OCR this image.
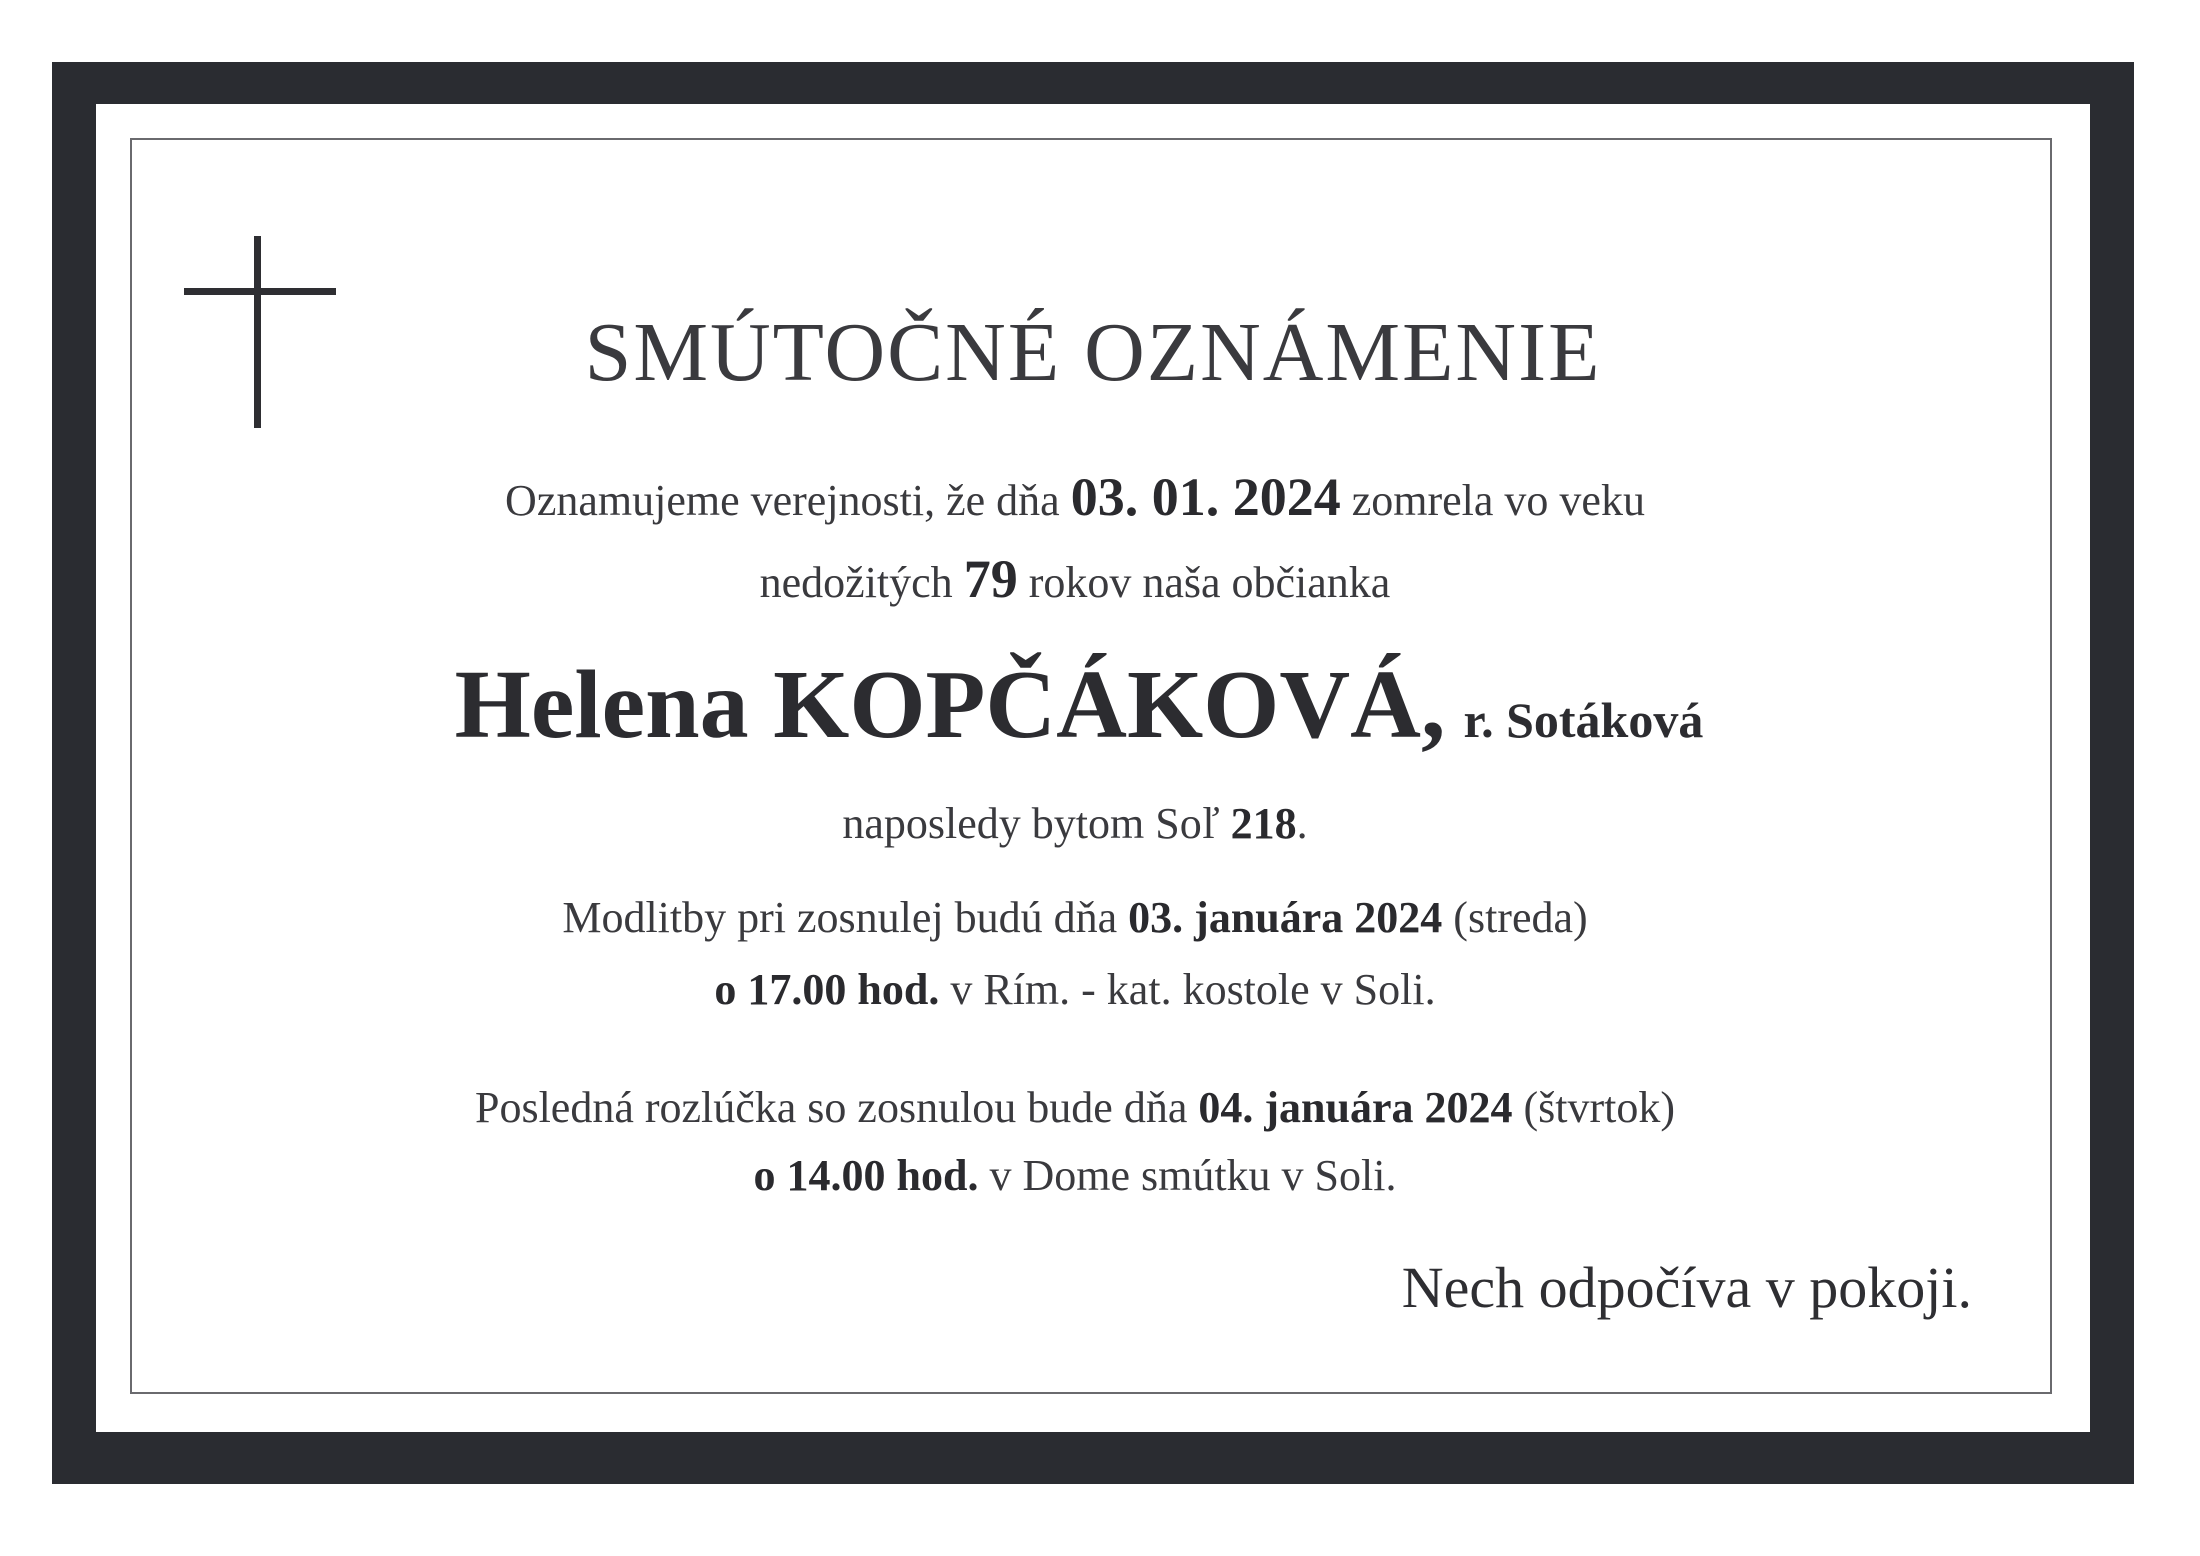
SMÚTOČNÉ OZNÁMENIE
Oznamujeme verejnosti, že dňa 03. 01. 2024 zomrela vo veku
nedožitých 79 rokov naša občianka
Helena KOPČÁKOVÁ, r. Sotáková
naposledy bytom Soľ 218.
Modlitby pri zosnulej budú dňa 03. januára 2024 (streda)
o 17.00 hod. v Rím. - kat. kostole v Soli.
Posledná rozlúčka so zosnulou bude dňa 04. januára 2024 (štvrtok)
o 14.00 hod. v Dome smútku v Soli.
Nech odpočíva v pokoji.
